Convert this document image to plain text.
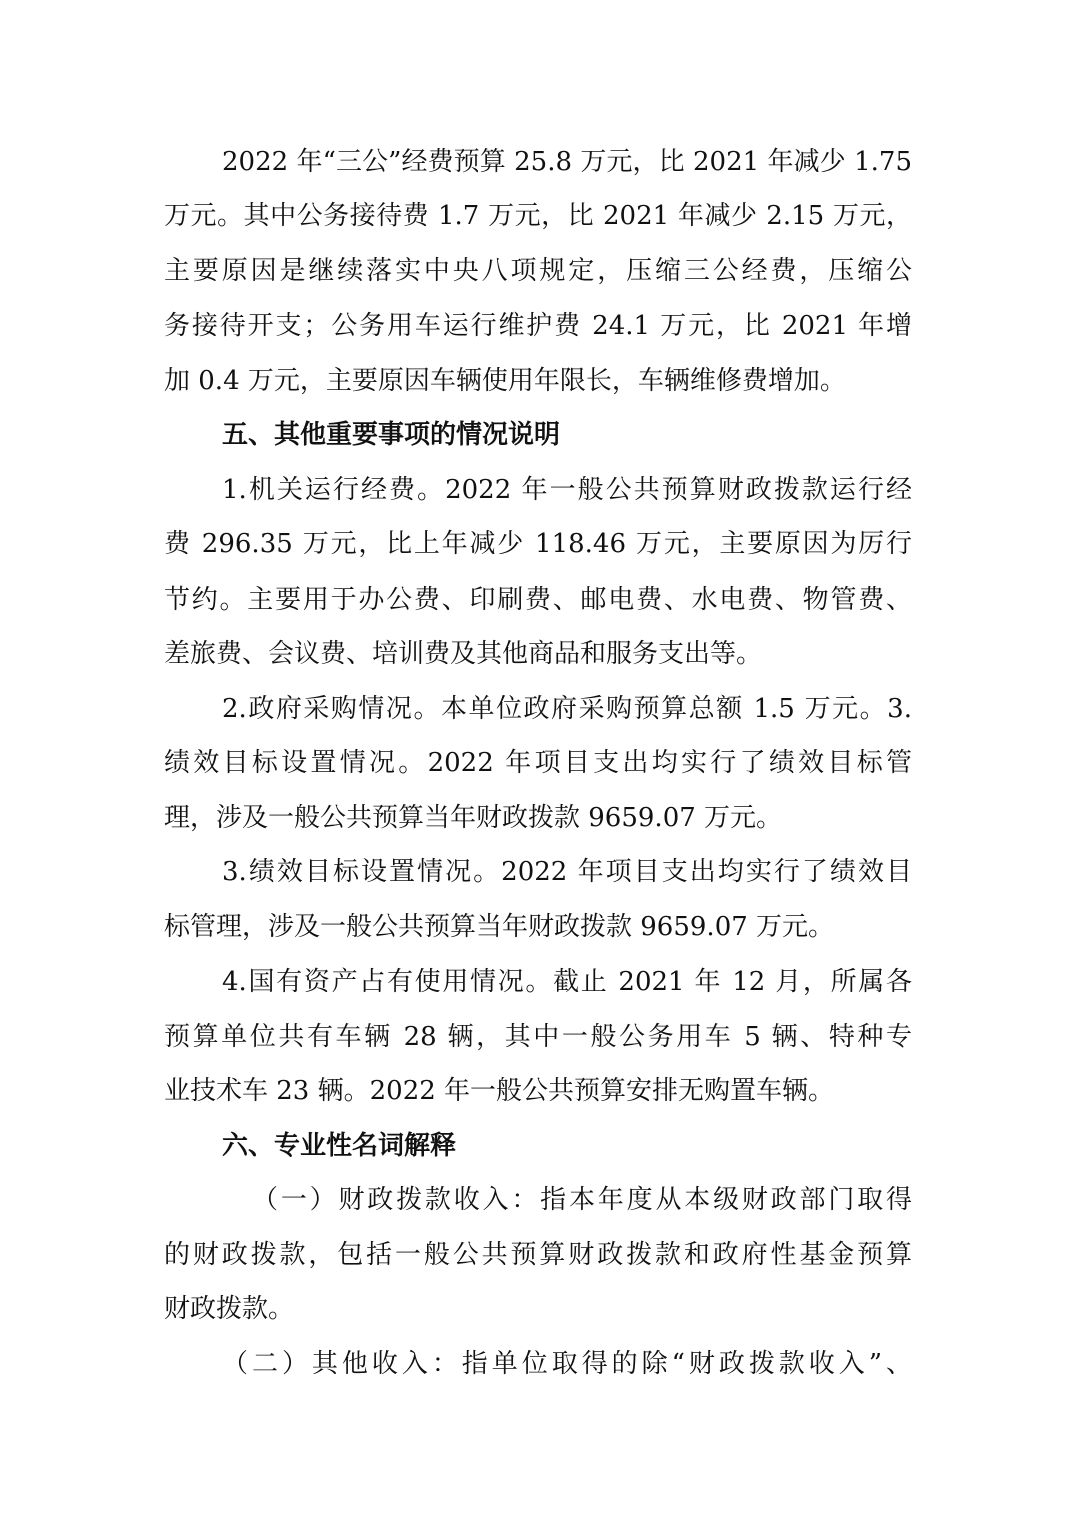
2022 年“三公”经费预算 25.8 万元，比 2021 年减少 1.75
万元。其中公务接待费 1.7 万元，比 2021 年减少 2.15 万元，
主要原因是继续落实中央八项规定，压缩三公经费，压缩公
务接待开支；公务用车运行维护费 24.1 万元，比 2021 年增
加 0.4 万元，主要原因车辆使用年限长，车辆维修费增加。
五、其他重要事项的情况说明
1.机关运行经费。2022 年一般公共预算财政拨款运行经
费 296.35 万元，比上年减少 118.46 万元，主要原因为厉行
节约。主要用于办公费、印刷费、邮电费、水电费、物管费、
差旅费、会议费、培训费及其他商品和服务支出等。
2.政府采购情况。本单位政府采购预算总额 1.5 万元。3.
绩效目标设置情况。2022 年项目支出均实行了绩效目标管
理，涉及一般公共预算当年财政拨款 9659.07 万元。
3.绩效目标设置情况。2022 年项目支出均实行了绩效目
标管理，涉及一般公共预算当年财政拨款 9659.07 万元。
4.国有资产占有使用情况。截止 2021 年 12 月，所属各
预算单位共有车辆 28 辆，其中一般公务用车 5 辆、特种专
业技术车 23 辆。2022 年一般公共预算安排无购置车辆。
六、专业性名词解释
（一）财政拨款收入：指本年度从本级财政部门取得
的财政拨款，包括一般公共预算财政拨款和政府性基金预算
财政拨款。
（二）其他收入：指单位取得的除“财政拨款收入”、
